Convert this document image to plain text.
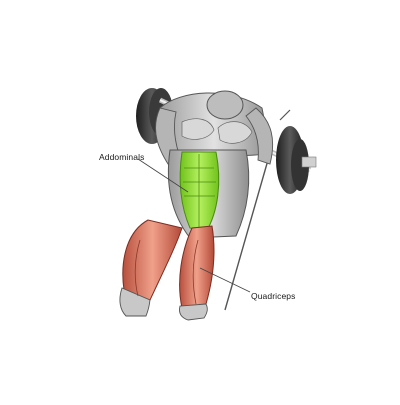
Addominals
Quadriceps
